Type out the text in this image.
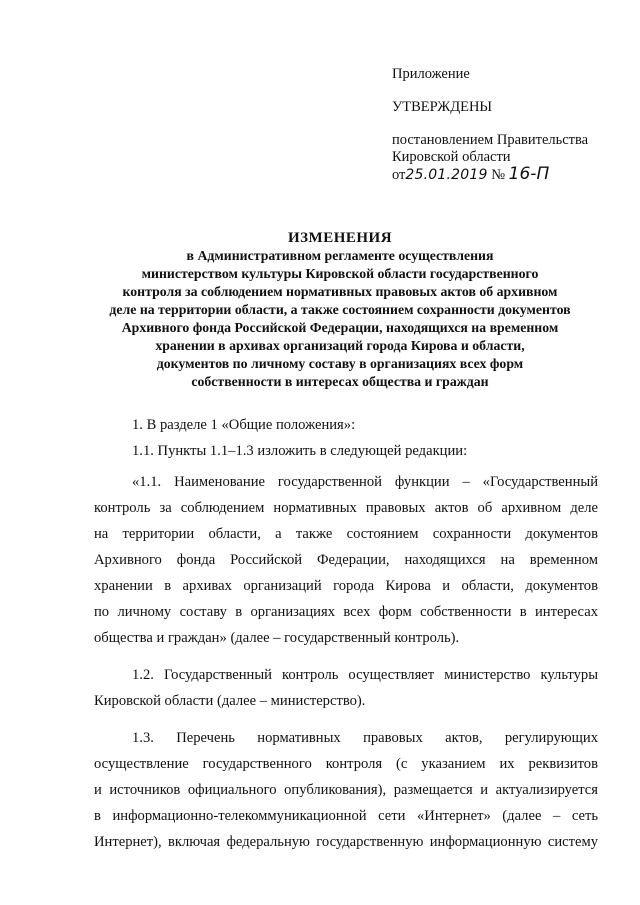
Приложение
УТВЕРЖДЕНЫ
постановлением Правительства
Кировской области
от25.01.2019 № 16-П
ИЗМЕНЕНИЯ
в Административном регламенте осуществления
министерством культуры Кировской области государственного
контроля за соблюдением нормативных правовых актов об архивном
деле на территории области, а также состоянием сохранности документов
Архивного фонда Российской Федерации, находящихся на временном
хранении в архивах организаций города Кирова и области,
документов по личному составу в организациях всех форм
собственности в интересах общества и граждан
1. В разделе 1 «Общие положения»:
1.1. Пункты 1.1–1.3 изложить в следующей редакции:
«1.1. Наименование государственной функции – «Государственный
контроль за соблюдением нормативных правовых актов об архивном деле
на территории области, а также состоянием сохранности документов
Архивного фонда Российской Федерации, находящихся на временном
хранении в архивах организаций города Кирова и области, документов
по личному составу в организациях всех форм собственности в интересах
общества и граждан» (далее – государственный контроль).
1.2. Государственный контроль осуществляет министерство культуры
Кировской области (далее – министерство).
1.3. Перечень нормативных правовых актов, регулирующих
осуществление государственного контроля (с указанием их реквизитов
и источников официального опубликования), размещается и актуализируется
в информационно-телекоммуникационной сети «Интернет» (далее – сеть
Интернет), включая федеральную государственную информационную систему
